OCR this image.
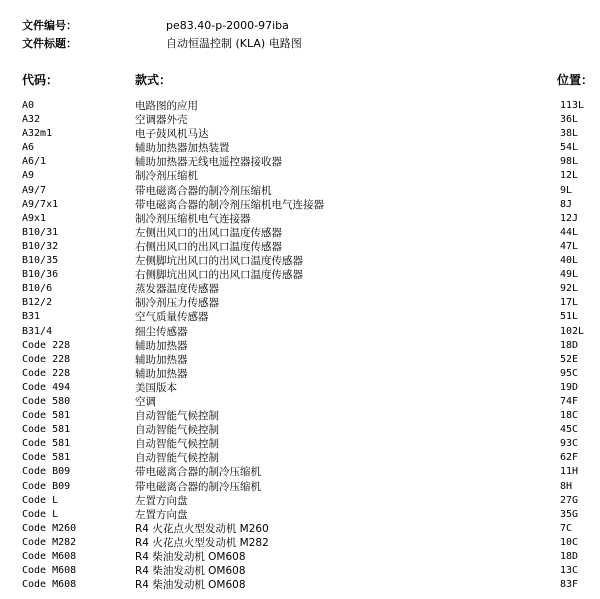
文件编号：	pe83.40-p-2000-97iba
文件标题：	自动恒温控制 (KLA) 电路图
代码：	款式：	位置：
A0	电路图的应用	113L
A32	空调器外壳	36L
A32m1	电子鼓风机马达	38L
A6	辅助加热器加热装置	54L
A6/1	辅助加热器无线电遥控器接收器	98L
A9	制冷剂压缩机	12L
A9/7	带电磁离合器的制冷剂压缩机	9L
A9/7x1	带电磁离合器的制冷剂压缩机电气连接器	8J
A9x1	制冷剂压缩机电气连接器	12J
B10/31	左侧出风口的出风口温度传感器	44L
B10/32	右侧出风口的出风口温度传感器	47L
B10/35	左侧脚坑出风口的出风口温度传感器	40L
B10/36	右侧脚坑出风口的出风口温度传感器	49L
B10/6	蒸发器温度传感器	92L
B12/2	制冷剂压力传感器	17L
B31	空气质量传感器	51L
B31/4	细尘传感器	102L
Code 228	辅助加热器	18D
Code 228	辅助加热器	52E
Code 228	辅助加热器	95C
Code 494	美国版本	19D
Code 580	空调	74F
Code 581	自动智能气候控制	18C
Code 581	自动智能气候控制	45C
Code 581	自动智能气候控制	93C
Code 581	自动智能气候控制	62F
Code B09	带电磁离合器的制冷压缩机	11H
Code B09	带电磁离合器的制冷压缩机	8H
Code L	左置方向盘	27G
Code L	左置方向盘	35G
Code M260	R4 火花点火型发动机 M260	7C
Code M282	R4 火花点火型发动机 M282	10C
Code M608	R4 柴油发动机 OM608	18D
Code M608	R4 柴油发动机 OM608	13C
Code M608	R4 柴油发动机 OM608	83F
